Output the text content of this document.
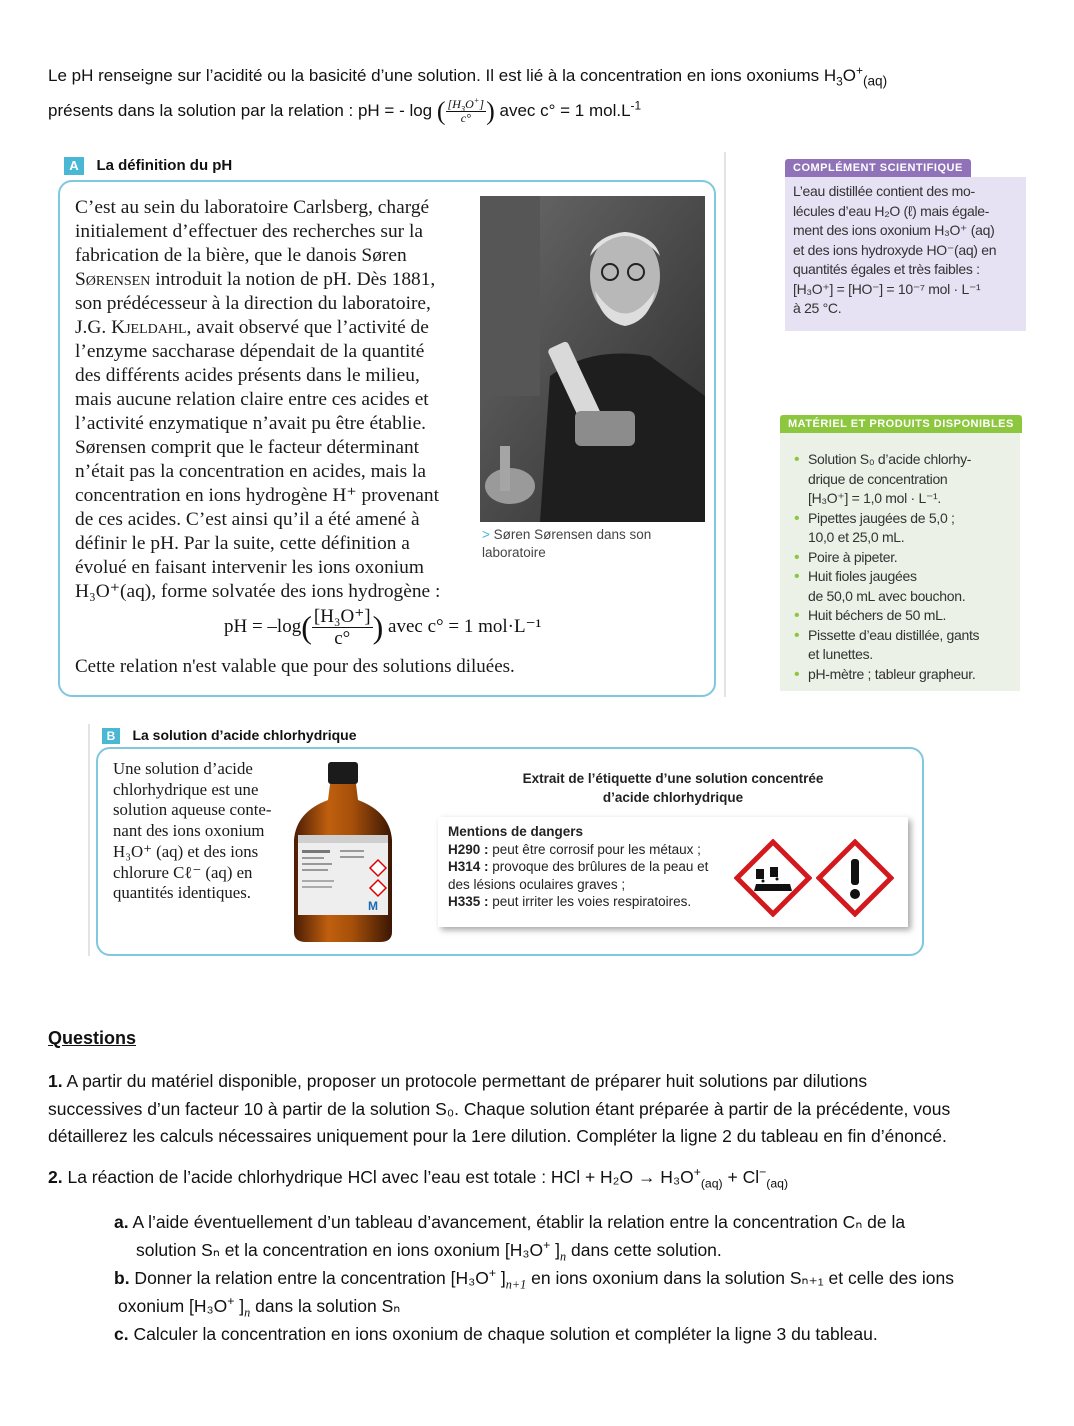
Le pH renseigne sur l’acidité ou la basicité d’une solution. Il est lié à la concentration en ions oxoniums $H_3O^+_{(aq)}$
présents dans la solution par la relation : pH = - log ( $\frac{[H_3O^+]}{c^\circ}$ ) avec c° = 1 $mol.L^{-1}$
A La définition du pH
C’est au sein du laboratoire Carlsberg, chargé
initialement d’effectuer des recherches sur la
fabrication de la bière, que le danois Søren
Sørensen introduit la notion de pH. Dès 1881,
son prédécesseur à la direction du laboratoire,
J.G. Kjeldahl, avait observé que l’activité de
l’enzyme saccharase dépendait de la quantité
des différents acides présents dans le milieu,
mais aucune relation claire entre ces acides et
l’activité enzymatique n’avait pu être établie.
Sørensen comprit que le facteur déterminant
n’était pas la concentration en acides, mais la
concentration en ions hydrogène H⁺ provenant
de ces acides. C’est ainsi qu’il a été amené à
définir le pH. Par la suite, cette définition a
évolué en faisant intervenir les ions oxonium
H₃O⁺(aq), forme solvatée des ions hydrogène :
> Søren Sørensen dans son
laboratoire
pH = $-\log( \frac{\text{[H₃O⁺]}}{c^\circ}$ ) avec c° = 1 mol·L⁻¹
Cette relation n'est valable que pour des solutions diluées.
COMPLÉMENT SCIENTIFIQUE
L’eau distillée contient des mo-
lécules d’eau H₂O (ℓ) mais égale-
ment des ions oxonium H₃O⁺ (aq)
et des ions hydroxyde HO⁻(aq) en
quantités égales et très faibles :
[H₃O⁺] = [HO⁻] = 10⁻⁷ mol · L⁻¹
à 25 °C.
MATÉRIEL ET PRODUITS DISPONIBLES
• Solution S₀ d’acide chlorhy-
drique de concentration
[H₃O⁺] = 1,0 mol · L⁻¹.
• Pipettes jaugées de 5,0 ;
10,0 et 25,0 mL.
• Poire à pipeter.
• Huit fioles jaugées
de 50,0 mL avec bouchon.
• Huit béchers de 50 mL.
• Pissette d’eau distillée, gants
et lunettes.
• pH-mètre ; tableur grapheur.
B La solution d’acide chlorhydrique
Une solution d’acide
chlorhydrique est une
solution aqueuse conte-
nant des ions oxonium
H₃O⁺ (aq) et des ions
chlorure Cℓ⁻ (aq) en
quantités identiques.
M
Extrait de l’étiquette d’une solution concentrée
d’acide chlorhydrique
Mentions de dangers
H290 : peut être corrosif pour les métaux ;
H314 : provoque des brûlures de la peau et
des lésions oculaires graves ;
H335 : peut irriter les voies respiratoires.
Questions
1. A partir du matériel disponible, proposer un protocole permettant de préparer huit solutions par dilutions
successives d’un facteur 10 à partir de la solution S₀. Chaque solution étant préparée à partir de la précédente, vous
détaillerez les calculs nécessaires uniquement pour la 1ere dilution. Compléter la ligne 2 du tableau en fin d’énoncé.
2. La réaction de l’acide chlorhydrique HCl avec l’eau est totale : HCl + $H_2O \to H_3O^+_{(aq)} + Cl^-_{(aq)}$
a. A l’aide éventuellement d’un tableau d’avancement, établir la relation entre la concentration Cₙ de la
solution Sₙ et la concentration en ions oxonium [H₃O+ ]$_n$ dans cette solution.
b. Donner la relation entre la concentration [H₃O+ ]$_{n+1}$ en ions oxonium dans la solution Sₙ₊₁ et celle des ions
oxonium [H₃O+ ]$_n$ dans la solution Sₙ
c. Calculer la concentration en ions oxonium de chaque solution et compléter la ligne 3 du tableau.
